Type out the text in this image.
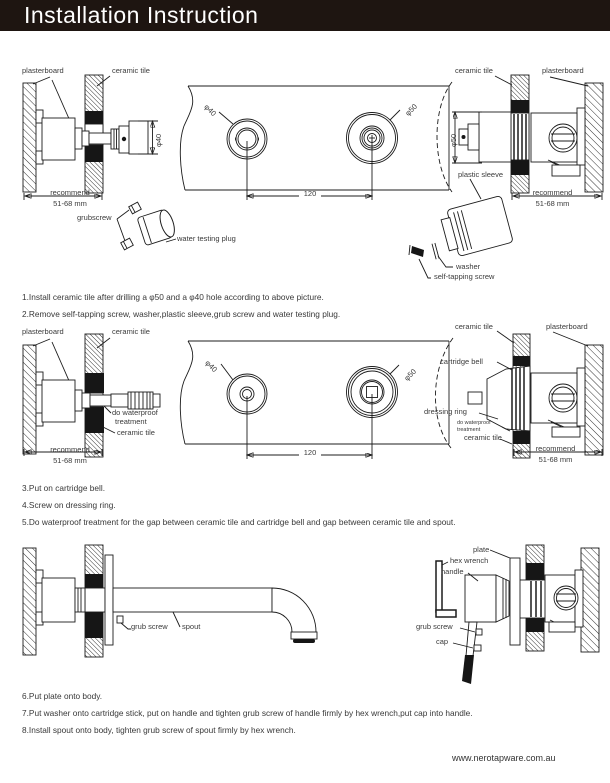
Installation Instruction
plasterboard	ceramic tile
φ40
recommend
51-68 mm
grubscrew
water testing plug
φ40	φ50
120
ceramic tile	plasterboard
φ50
plastic sleeve
washer
self-tapping screw
recommend
51-68 mm

1.Install ceramic tile after drilling a φ50 and a φ40 hole according to above picture.

2.Remove self-tapping screw, washer,plastic sleeve,grub screw and water testing plug.

plasterboard	ceramic tile
do waterproof
treatment
ceramic tile
recommend
51-68 mm
φ40
φ50
120
ceramic tile	plasterboard
cartridge bell
dressing ring
do waterproof
treatment
ceramic tile
recommend
51-68 mm

3.Put on cartridge bell.

4.Screw on dressing ring.

5.Do waterproof treatment for the gap between ceramic tile and cartridge bell and gap between ceramic tile and spout.

grub screw spout
plate
hex wrench
handle
grub screw
cap

6.Put plate onto body.

7.Put washer onto cartridge stick, put on handle and tighten grub screw of handle firmly by hex wrench,put cap into handle.

8.Install spout onto body, tighten grub screw of spout firmly by hex wrench.

www.nerotapware.com.au
